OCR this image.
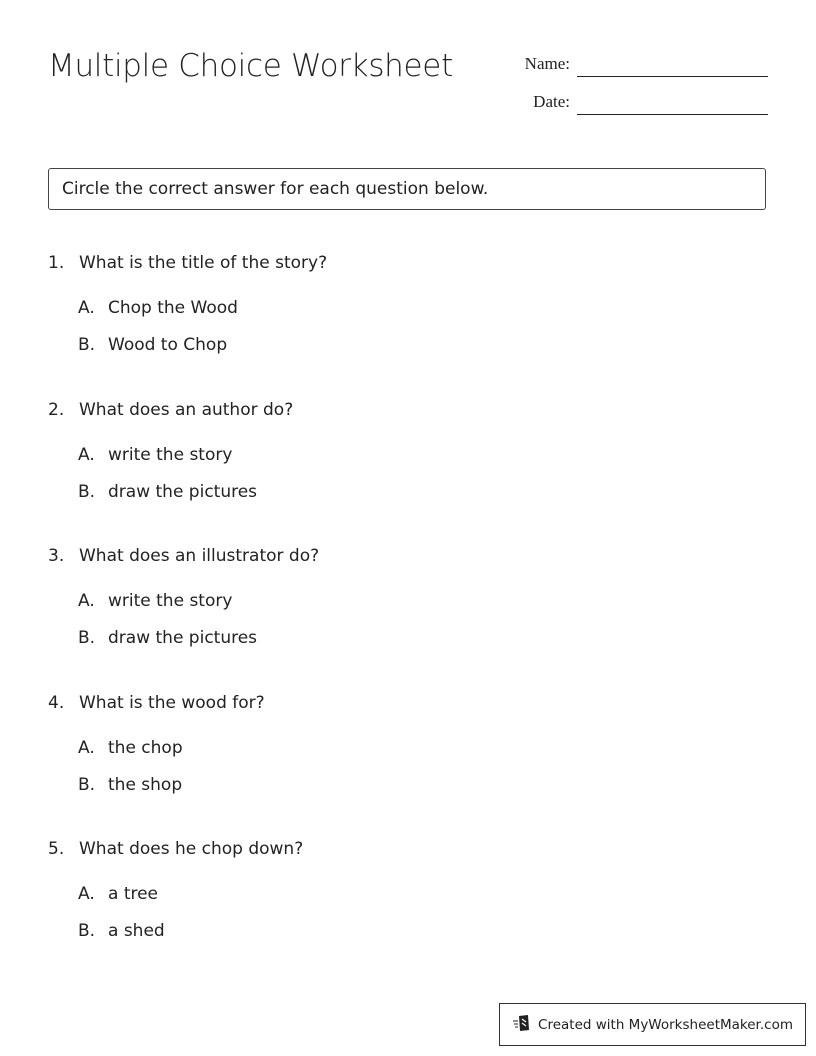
Multiple Choice Worksheet	Name:
Date:
Circle the correct answer for each question below.
1. What is the title of the story?
A. Chop the Wood
B. Wood to Chop
2. What does an author do?
A. write the story
B. draw the pictures
3. What does an illustrator do?
A. write the story
B. draw the pictures
4. What is the wood for?
A. the chop
B. the shop
5. What does he chop down?
A. a tree
B. a shed
Created with MyWorksheetMaker.com
